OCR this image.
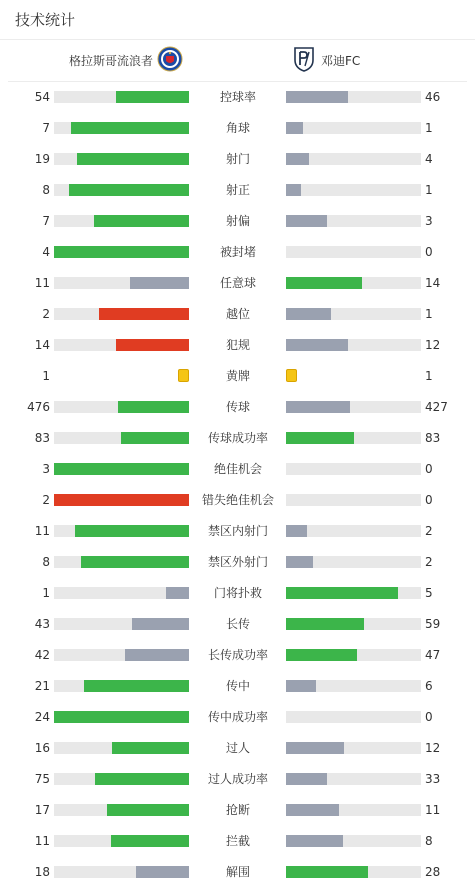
技术统计
格拉斯哥流浪者	邓迪FC
54	控球率	46
7	角球	1
19	射门	4
8	射正	1
7	射偏	3
4	被封堵	0
11	任意球	14
2	越位	1
14	犯规	12
1	黄牌	1
476	传球	427
83	传球成功率	83
3	绝佳机会	0
2	错失绝佳机会	0
11	禁区内射门	2
8	禁区外射门	2
1	门将扑救	5
43	长传	59
42	长传成功率	47
21	传中	6
24	传中成功率	0
16	过人	12
75	过人成功率	33
17	抢断	11
11	拦截	8
18	解围	28
